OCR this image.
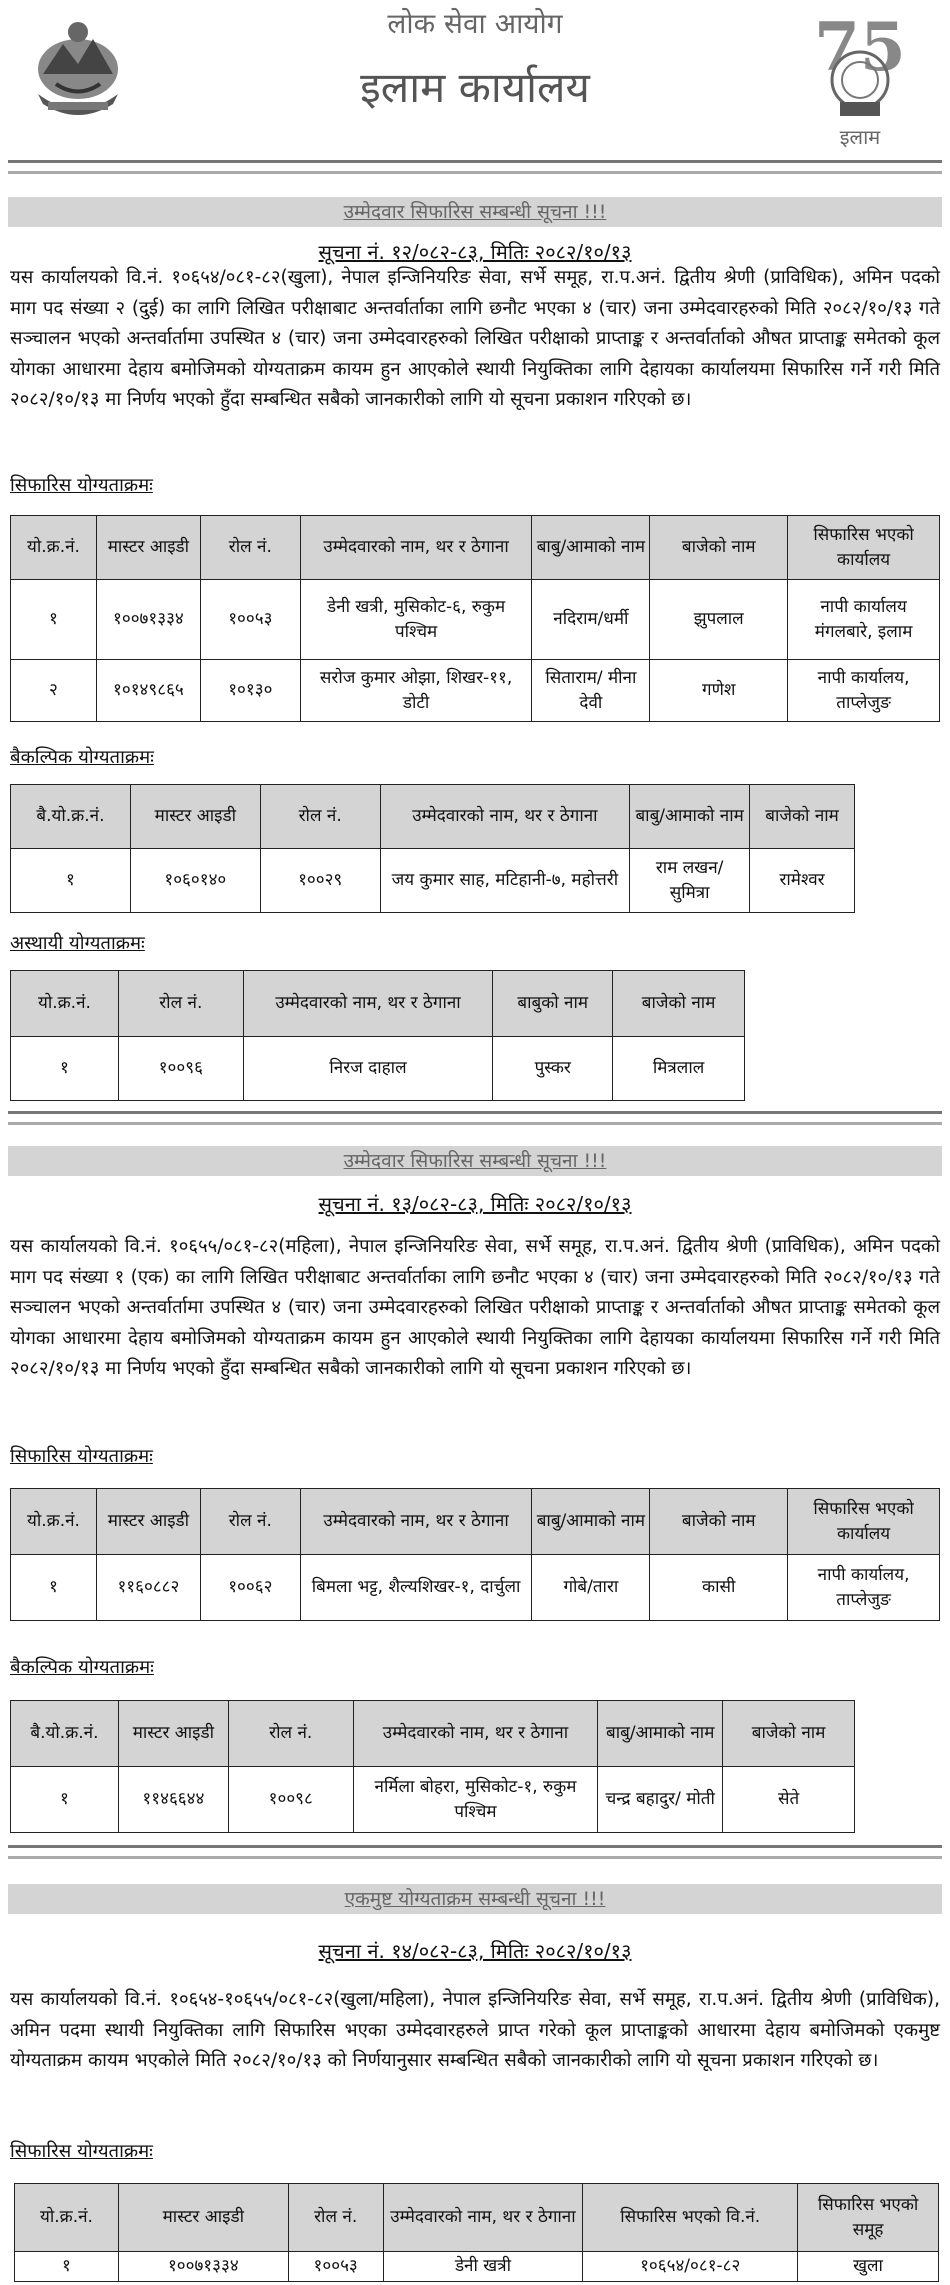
लोक सेवा आयोग
इलाम कार्यालय
75
इलाम
उम्मेदवार सिफारिस सम्बन्धी सूचना !!!
सूचना नं. १२/०८२-८३, मितिः २०८२/१०/१३

यस कार्यालयको वि.नं. १०६५४/०८१-८२(खुला), नेपाल इन्जिनियरिङ सेवा, सर्भे समूह, रा.प.अनं. द्वितीय श्रेणी (प्राविधिक), अमिन पदको माग पद संख्या २ (दुई) का लागि लिखित परीक्षाबाट अन्तर्वार्ताका लागि छनौट भएका ४ (चार) जना उम्मेदवारहरुको मिति २०८२/१०/१३ गते सञ्चालन भएको अन्तर्वार्तामा उपस्थित ४ (चार) जना उम्मेदवारहरुको लिखित परीक्षाको प्राप्ताङ्क र अन्तर्वार्ताको औषत प्राप्ताङ्क समेतको कूल योगका आधारमा देहाय बमोजिमको योग्यताक्रम कायम हुन आएकोले स्थायी नियुक्तिका लागि देहायका कार्यालयमा सिफारिस गर्ने गरी मिति २०८२/१०/१३ मा निर्णय भएको हुँदा सम्बन्धित सबैको जानकारीको लागि यो सूचना प्रकाशन गरिएको छ।

सिफारिस योग्यताक्रमः
यो.क्र.नं.	मास्टर आइडी	रोल नं.	उम्मेदवारको नाम, थर र ठेगाना	बाबु/आमाको नाम	बाजेको नाम	सिफारिस भएको कार्यालय
१	१००७१३३४	१००५३	डेनी खत्री, मुसिकोट-६, रुकुम पश्चिम	नदिराम/धर्मी	झुपलाल	नापी कार्यालय मंगलबारे, इलाम
२	१०१४९८६५	१०१३०	सरोज कुमार ओझा, शिखर-११, डोटी	सिताराम/ मीना देवी	गणेश	नापी कार्यालय, ताप्लेजुङ
बैकल्पिक योग्यताक्रमः
बै.यो.क्र.नं.	मास्टर आइडी	रोल नं.	उम्मेदवारको नाम, थर र ठेगाना	बाबु/आमाको नाम	बाजेको नाम
१	१०६०१४०	१००२९	जय कुमार साह, मटिहानी-७, महोत्तरी	राम लखन/ सुमित्रा	रामेश्वर
अस्थायी योग्यताक्रमः
यो.क्र.नं.	रोल नं.	उम्मेदवारको नाम, थर र ठेगाना	बाबुको नाम	बाजेको नाम
१	१००९६	निरज दाहाल	पुस्कर	मित्रलाल
उम्मेदवार सिफारिस सम्बन्धी सूचना !!!
सूचना नं. १३/०८२-८३, मितिः २०८२/१०/१३

यस कार्यालयको वि.नं. १०६५५/०८१-८२(महिला), नेपाल इन्जिनियरिङ सेवा, सर्भे समूह, रा.प.अनं. द्वितीय श्रेणी (प्राविधिक), अमिन पदको माग पद संख्या १ (एक) का लागि लिखित परीक्षाबाट अन्तर्वार्ताका लागि छनौट भएका ४ (चार) जना उम्मेदवारहरुको मिति २०८२/१०/१३ गते सञ्चालन भएको अन्तर्वार्तामा उपस्थित ४ (चार) जना उम्मेदवारहरुको लिखित परीक्षाको प्राप्ताङ्क र अन्तर्वार्ताको औषत प्राप्ताङ्क समेतको कूल योगका आधारमा देहाय बमोजिमको योग्यताक्रम कायम हुन आएकोले स्थायी नियुक्तिका लागि देहायका कार्यालयमा सिफारिस गर्ने गरी मिति २०८२/१०/१३ मा निर्णय भएको हुँदा सम्बन्धित सबैको जानकारीको लागि यो सूचना प्रकाशन गरिएको छ।

सिफारिस योग्यताक्रमः
यो.क्र.नं.	मास्टर आइडी	रोल नं.	उम्मेदवारको नाम, थर र ठेगाना	बाबु/आमाको नाम	बाजेको नाम	सिफारिस भएको कार्यालय
१	११६०८८२	१००६२	बिमला भट्ट, शैल्यशिखर-१, दार्चुला	गोबे/तारा	कासी	नापी कार्यालय, ताप्लेजुङ
बैकल्पिक योग्यताक्रमः
बै.यो.क्र.नं.	मास्टर आइडी	रोल नं.	उम्मेदवारको नाम, थर र ठेगाना	बाबु/आमाको नाम	बाजेको नाम
१	११४६६४४	१००९८	नर्मिला बोहरा, मुसिकोट-१, रुकुम पश्चिम	चन्द्र बहादुर/ मोती	सेते
एकमुष्ट योग्यताक्रम सम्बन्धी सूचना !!!
सूचना नं. १४/०८२-८३, मितिः २०८२/१०/१३

यस कार्यालयको वि.नं. १०६५४-१०६५५/०८१-८२(खुला/महिला), नेपाल इन्जिनियरिङ सेवा, सर्भे समूह, रा.प.अनं. द्वितीय श्रेणी (प्राविधिक), अमिन पदमा स्थायी नियुक्तिका लागि सिफारिस भएका उम्मेदवारहरुले प्राप्त गरेको कूल प्राप्ताङ्कको आधारमा देहाय बमोजिमको एकमुष्ट योग्यताक्रम कायम भएकोले मिति २०८२/१०/१३ को निर्णयानुसार सम्बन्धित सबैको जानकारीको लागि यो सूचना प्रकाशन गरिएको छ।

सिफारिस योग्यताक्रमः
यो.क्र.नं.	मास्टर आइडी	रोल नं.	उम्मेदवारको नाम, थर र ठेगाना	सिफारिस भएको वि.नं.	सिफारिस भएको समूह
१	१००७१३३४	१००५३	डेनी खत्री	१०६५४/०८१-८२	खुला
